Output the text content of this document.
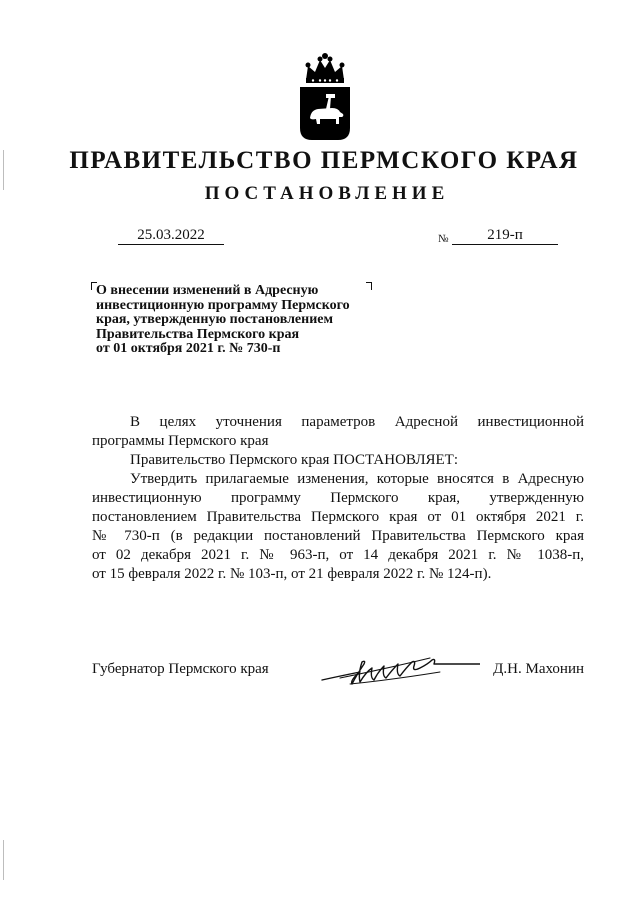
ПРАВИТЕЛЬСТВО ПЕРМСКОГО КРАЯ
ПОСТАНОВЛЕНИЕ
25.03.2022	№	219-п
О внесении изменений в Адресную
инвестиционную программу Пермского
края, утвержденную постановлением
Правительства Пермского края
от 01 октября 2021 г. № 730-п

В целях уточнения параметров Адресной инвестиционной
программы Пермского края

Правительство Пермского края ПОСТАНОВЛЯЕТ:

Утвердить прилагаемые изменения, которые вносятся в Адресную
инвестиционную программу Пермского края, утвержденную
постановлением Правительства Пермского края от 01 октября 2021 г.
№ 730-п (в редакции постановлений Правительства Пермского края
от 02 декабря 2021 г. № 963-п, от 14 декабря 2021 г. № 1038-п,
от 15 февраля 2022 г. № 103-п, от 21 февраля 2022 г. № 124-п).

Губернатор Пермского края	Д.Н. Махонин
